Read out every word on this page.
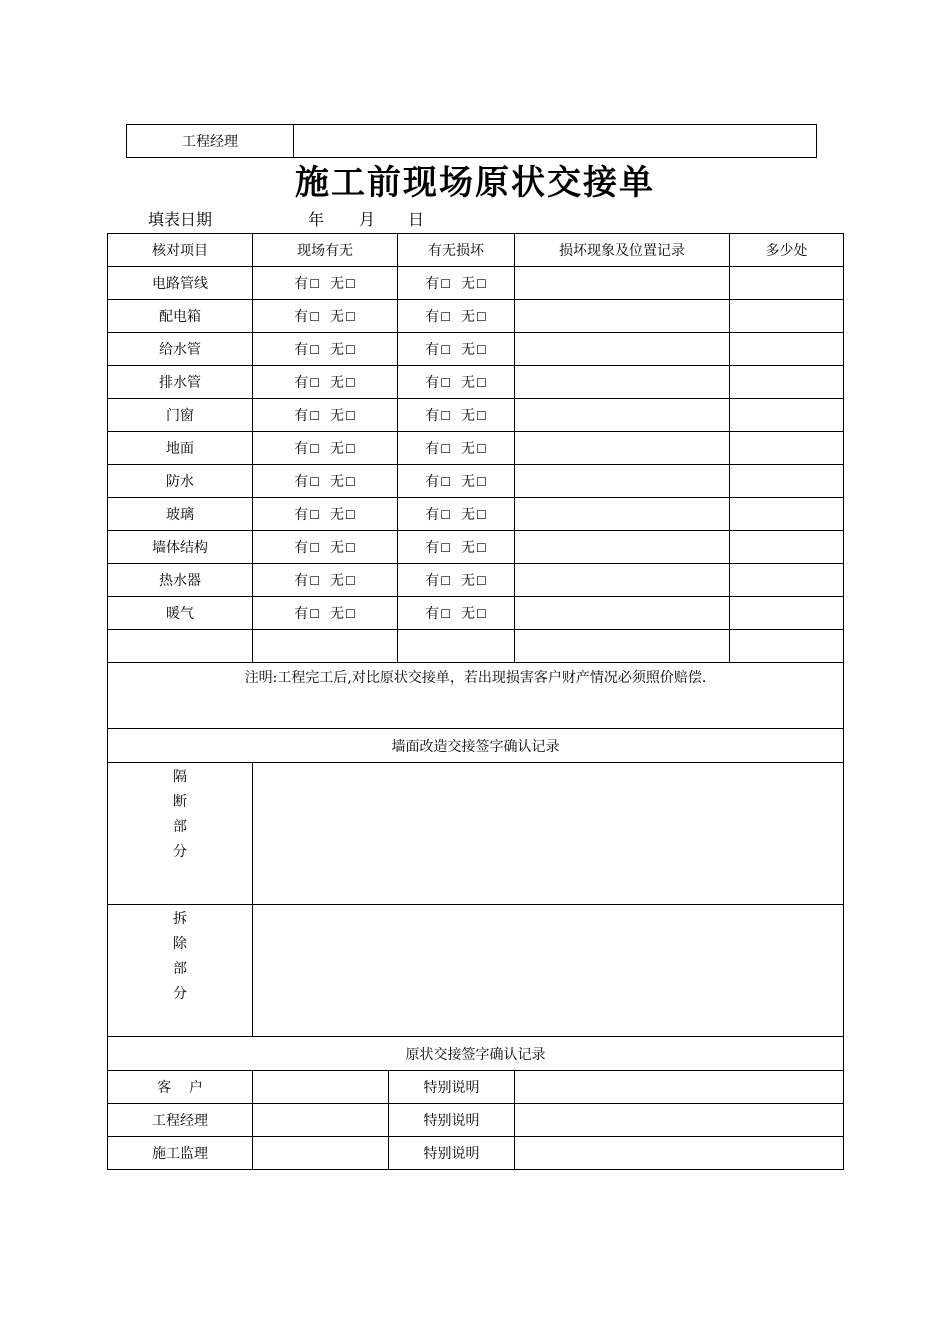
工程经理	
施工前现场原状交接单
填表日期	年 月 日
核对项目	现场有无		有无损坏	损坏现象及位置记录	多少处
电路管线	有☐ 无☐		有☐ 无☐		
配电箱	有☐ 无☐		有☐ 无☐		
给水管	有☐ 无☐		有☐ 无☐		
排水管	有☐ 无☐		有☐ 无☐		
门窗	有☐ 无☐		有☐ 无☐		
地面	有☐ 无☐		有☐ 无☐		
防水	有☐ 无☐		有☐ 无☐		
玻璃	有☐ 无☐		有☐ 无☐		
墙体结构	有☐ 无☐		有☐ 无☐		
热水器	有☐ 无☐		有☐ 无☐		
暖气	有☐ 无☐		有☐ 无☐		

注明:工程完工后,对比原状交接单，若出现损害客户财产情况必须照价赔偿.					
墙面改造交接签字确认记录					

隔
断
部
分					

拆
除
部
分					

原状交接签字确认记录					
客    户		特别说明			
工程经理		特别说明			
施工监理		特别说明			
